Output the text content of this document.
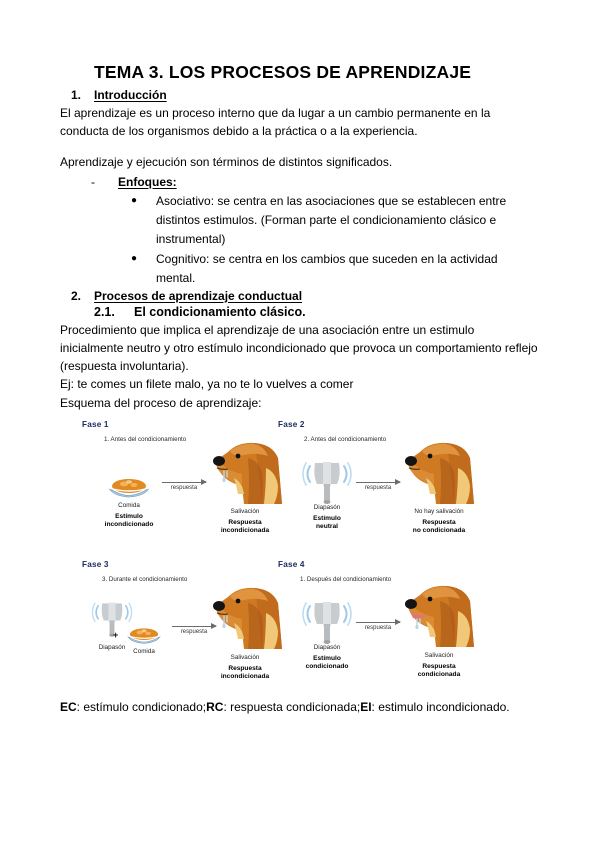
TEMA 3. LOS PROCESOS DE APRENDIZAJE
1.	Introducción

El aprendizaje es un proceso interno que da lugar a un cambio permanente en la conducta de los organismos debido a la práctica o a la experiencia.

Aprendizaje y ejecución son términos de distintos significados.

-	Enfoques:
●	Asociativo: se centra en las asociaciones que se establecen entre distintos estimulos. (Forman parte el condicionamiento clásico e instrumental)
●	Cognitivo: se centra en los cambios que suceden en la actividad mental.
2.	Procesos de aprendizaje conductual
2.1.	El condicionamiento clásico.

Procedimiento que implica el aprendizaje de una asociación entre un estimulo inicialmente neutro y otro estímulo incondicionado que provoca un comportamiento reflejo (respuesta involuntaria).

Ej: te comes un filete malo, ya no te lo vuelves a comer

Esquema del proceso de aprendizaje:

Fase 1
1. Antes del condicionamiento
Comida
Estímulo
incondicionado
respuesta
Salivación
Respuesta
incondicionada
Fase 2
2. Antes del condicionamiento
Diapasón
Estímulo
neutral
respuesta
No hay salivación
Respuesta
no condicionada
Fase 3
3. Durante el condicionamiento
Diapasón
+
Comida
respuesta
Salivación
Respuesta
incondicionada
Fase 4
1. Después del condicionamiento
Diapasón
Estímulo
condicionado
respuesta
Salivación
Respuesta
condicionada

EC: estímulo condicionado;RC: respuesta condicionada;EI: estimulo incondicionado.
